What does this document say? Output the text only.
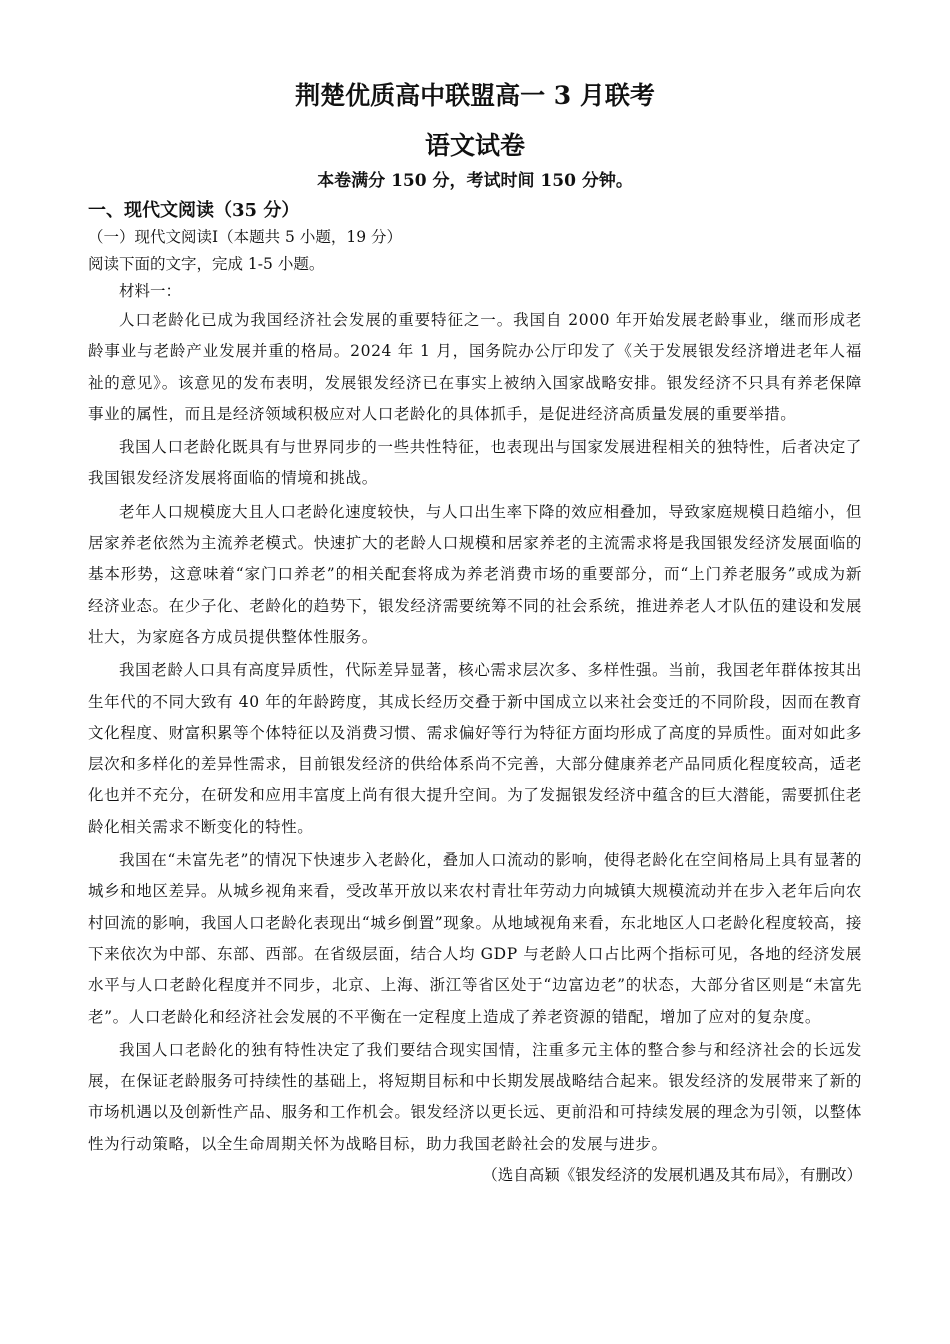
荆楚优质高中联盟高一 3 月联考
语文试卷
本卷满分 150 分，考试时间 150 分钟。
一、现代文阅读（35 分）
（一）现代文阅读I（本题共 5 小题，19 分）
阅读下面的文字，完成 1-5 小题。
材料一：

人口老龄化已成为我国经济社会发展的重要特征之一。我国自 2000 年开始发展老龄事业，继而形成老龄事业与老龄产业发展并重的格局。2024 年 1 月，国务院办公厅印发了《关于发展银发经济增进老年人福祉的意见》。该意见的发布表明，发展银发经济已在事实上被纳入国家战略安排。银发经济不只具有养老保障事业的属性，而且是经济领域积极应对人口老龄化的具体抓手，是促进经济高质量发展的重要举措。

我国人口老龄化既具有与世界同步的一些共性特征，也表现出与国家发展进程相关的独特性，后者决定了我国银发经济发展将面临的情境和挑战。

老年人口规模庞大且人口老龄化速度较快，与人口出生率下降的效应相叠加，导致家庭规模日趋缩小，但居家养老依然为主流养老模式。快速扩大的老龄人口规模和居家养老的主流需求将是我国银发经济发展面临的基本形势，这意味着“家门口养老”的相关配套将成为养老消费市场的重要部分，而“上门养老服务”或成为新经济业态。在少子化、老龄化的趋势下，银发经济需要统筹不同的社会系统，推进养老人才队伍的建设和发展壮大，为家庭各方成员提供整体性服务。

我国老龄人口具有高度异质性，代际差异显著，核心需求层次多、多样性强。当前，我国老年群体按其出生年代的不同大致有 40 年的年龄跨度，其成长经历交叠于新中国成立以来社会变迁的不同阶段，因而在教育文化程度、财富积累等个体特征以及消费习惯、需求偏好等行为特征方面均形成了高度的异质性。面对如此多层次和多样化的差异性需求，目前银发经济的供给体系尚不完善，大部分健康养老产品同质化程度较高，适老化也并不充分，在研发和应用丰富度上尚有很大提升空间。为了发掘银发经济中蕴含的巨大潜能，需要抓住老龄化相关需求不断变化的特性。

我国在“未富先老”的情况下快速步入老龄化，叠加人口流动的影响，使得老龄化在空间格局上具有显著的城乡和地区差异。从城乡视角来看，受改革开放以来农村青壮年劳动力向城镇大规模流动并在步入老年后向农村回流的影响，我国人口老龄化表现出“城乡倒置”现象。从地域视角来看，东北地区人口老龄化程度较高，接下来依次为中部、东部、西部。在省级层面，结合人均 GDP 与老龄人口占比两个指标可见，各地的经济发展水平与人口老龄化程度并不同步，北京、上海、浙江等省区处于“边富边老”的状态，大部分省区则是“未富先老”。人口老龄化和经济社会发展的不平衡在一定程度上造成了养老资源的错配，增加了应对的复杂度。

我国人口老龄化的独有特性决定了我们要结合现实国情，注重多元主体的整合参与和经济社会的长远发展，在保证老龄服务可持续性的基础上，将短期目标和中长期发展战略结合起来。银发经济的发展带来了新的市场机遇以及创新性产品、服务和工作机会。银发经济以更长远、更前沿和可持续发展的理念为引领，以整体性为行动策略，以全生命周期关怀为战略目标，助力我国老龄社会的发展与进步。

（选自高颖《银发经济的发展机遇及其布局》，有删改）
